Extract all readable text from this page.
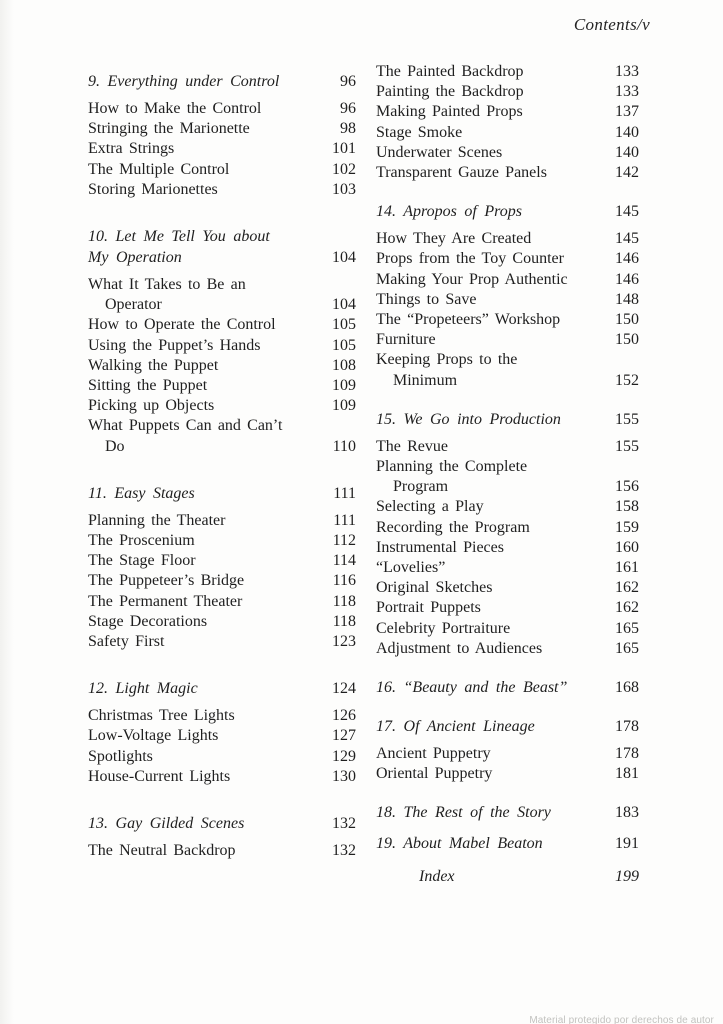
Contents/v
9. Everything under Control	96
How to Make the Control	96
Stringing the Marionette	98
Extra Strings	101
The Multiple Control	102
Storing Marionettes	103
10. Let Me Tell You about
My Operation	104
What It Takes to Be an
Operator	104
How to Operate the Control	105
Using the Puppet’s Hands	105
Walking the Puppet	108
Sitting the Puppet	109
Picking up Objects	109
What Puppets Can and Can’t
Do	110
11. Easy Stages	111
Planning the Theater	111
The Proscenium	112
The Stage Floor	114
The Puppeteer’s Bridge	116
The Permanent Theater	118
Stage Decorations	118
Safety First	123
12. Light Magic	124
Christmas Tree Lights	126
Low-Voltage Lights	127
Spotlights	129
House-Current Lights	130
13. Gay Gilded Scenes	132
The Neutral Backdrop	132
The Painted Backdrop	133
Painting the Backdrop	133
Making Painted Props	137
Stage Smoke	140
Underwater Scenes	140
Transparent Gauze Panels	142
14. Apropos of Props	145
How They Are Created	145
Props from the Toy Counter	146
Making Your Prop Authentic	146
Things to Save	148
The “Propeteers” Workshop	150
Furniture	150
Keeping Props to the
Minimum	152
15. We Go into Production	155
The Revue	155
Planning the Complete
Program	156
Selecting a Play	158
Recording the Program	159
Instrumental Pieces	160
“Lovelies”	161
Original Sketches	162
Portrait Puppets	162
Celebrity Portraiture	165
Adjustment to Audiences	165
16. “Beauty and the Beast”	168
17. Of Ancient Lineage	178
Ancient Puppetry	178
Oriental Puppetry	181
18. The Rest of the Story	183
19. About Mabel Beaton	191
Index	199
Material protegido por derechos de autor
